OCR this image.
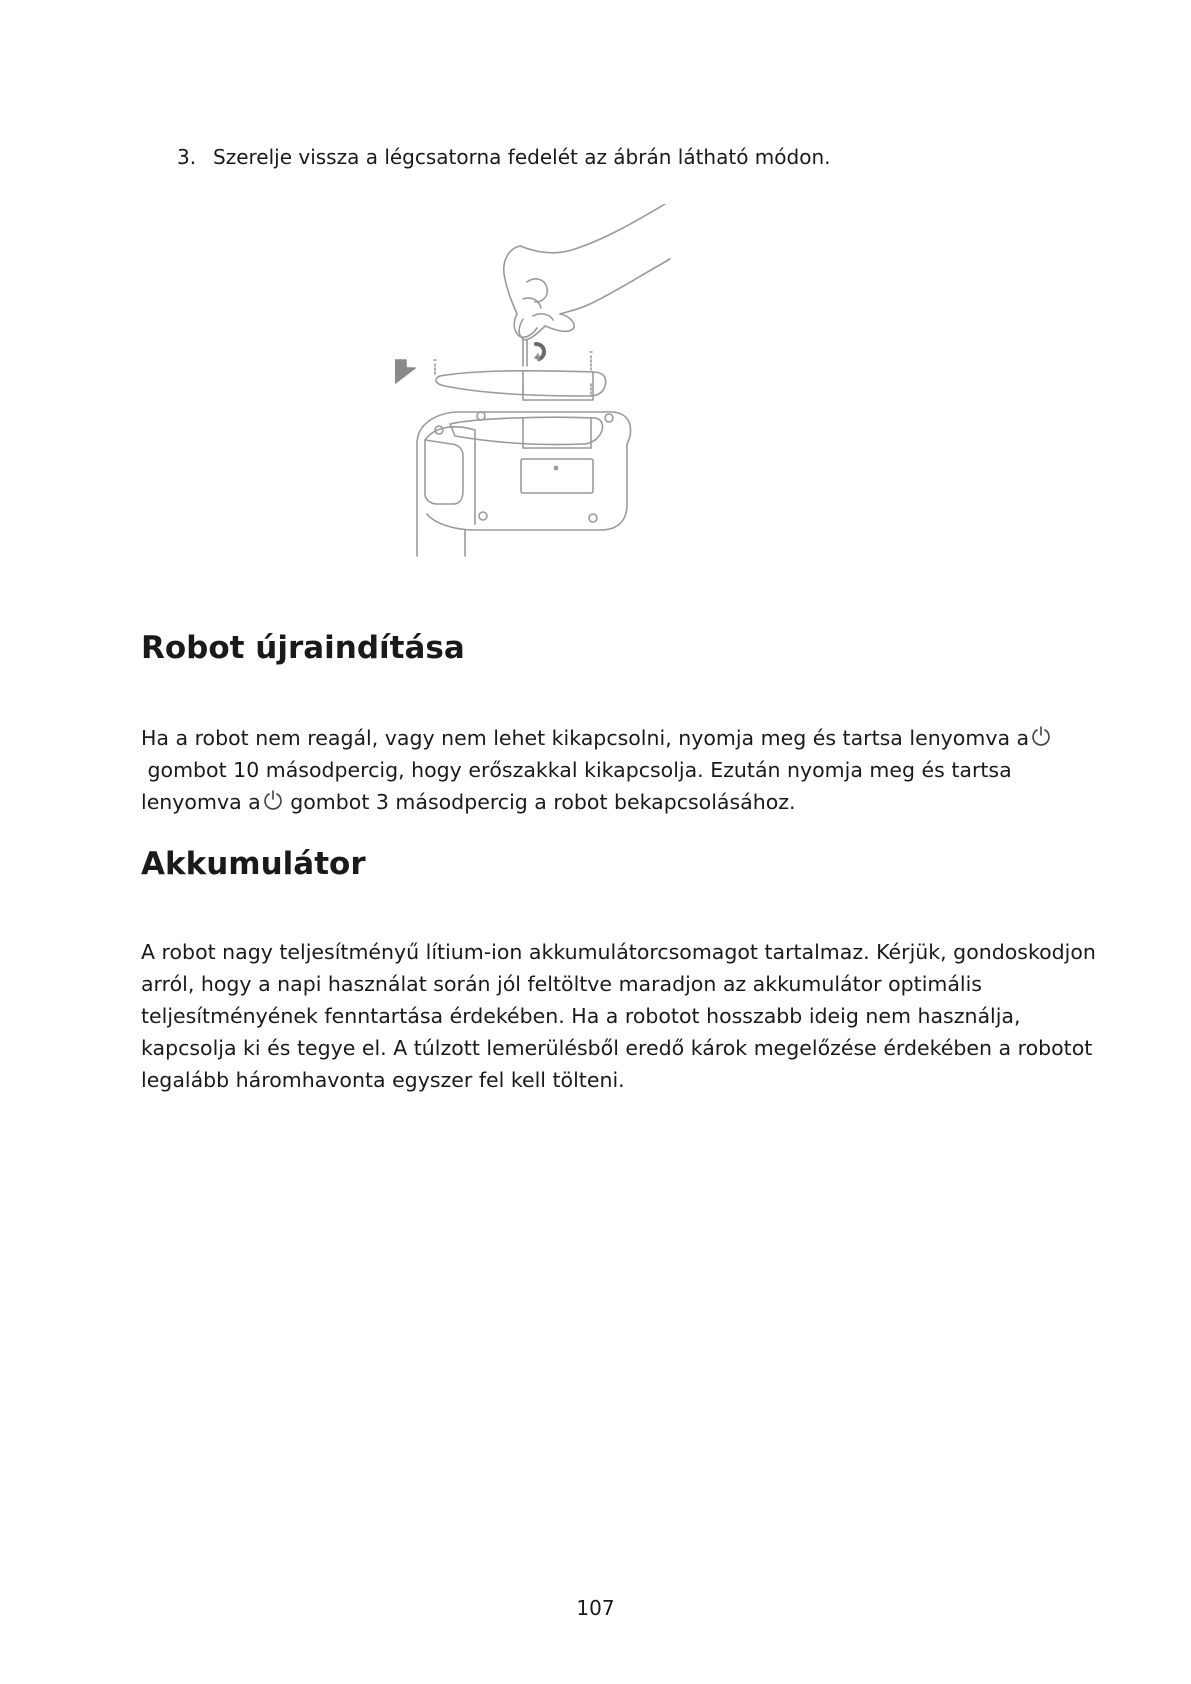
3. Szerelje vissza a légcsatorna fedelét az ábrán látható módon.
Robot újraindítása
Ha a robot nem reagál, vagy nem lehet kikapcsolni, nyomja meg és tartsa lenyomva a
gombot 10 másodpercig, hogy erőszakkal kikapcsolja. Ezután nyomja meg és tartsa
lenyomva a gombot 3 másodpercig a robot bekapcsolásához.
Akkumulátor
A robot nagy teljesítményű lítium-ion akkumulátorcsomagot tartalmaz. Kérjük, gondoskodjon
arról, hogy a napi használat során jól feltöltve maradjon az akkumulátor optimális
teljesítményének fenntartása érdekében. Ha a robotot hosszabb ideig nem használja,
kapcsolja ki és tegye el. A túlzott lemerülésből eredő károk megelőzése érdekében a robotot
legalább háromhavonta egyszer fel kell tölteni.
107
